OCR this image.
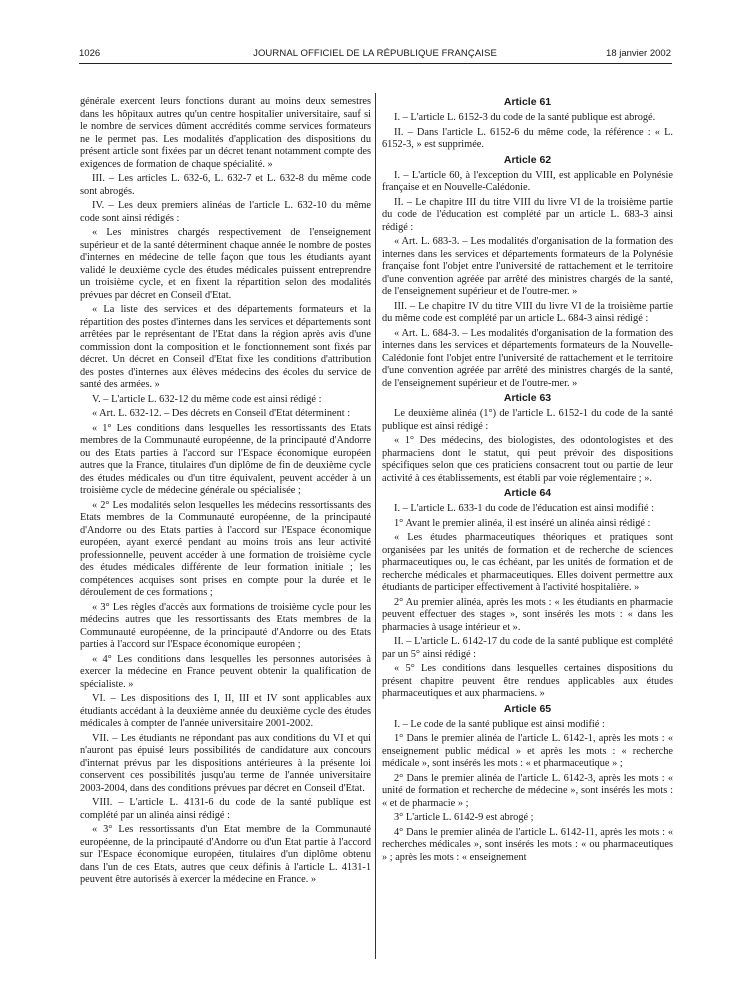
1026	JOURNAL OFFICIEL DE LA RÉPUBLIQUE FRANÇAISE	18 janvier 2002

générale exercent leurs fonctions durant au moins deux semestres dans les hôpitaux autres qu'un centre hospitalier universitaire, sauf si le nombre de services dûment accrédités comme services formateurs ne le permet pas. Les modalités d'application des dispositions du présent article sont fixées par un décret tenant notamment compte des exigences de formation de chaque spécialité. »

III. – Les articles L. 632-6, L. 632-7 et L. 632-8 du même code sont abrogés.

IV. – Les deux premiers alinéas de l'article L. 632-10 du même code sont ainsi rédigés :

« Les ministres chargés respectivement de l'enseignement supérieur et de la santé déterminent chaque année le nombre de postes d'internes en médecine de telle façon que tous les étudiants ayant validé le deuxième cycle des études médicales puissent entreprendre un troisième cycle, et en fixent la répartition selon des modalités prévues par décret en Conseil d'Etat.

« La liste des services et des départements formateurs et la répartition des postes d'internes dans les services et départements sont arrêtées par le représentant de l'Etat dans la région après avis d'une commission dont la composition et le fonctionnement sont fixés par décret. Un décret en Conseil d'Etat fixe les conditions d'attribution des postes d'internes aux élèves médecins des écoles du service de santé des armées. »

V. – L'article L. 632-12 du même code est ainsi rédigé :

« Art. L. 632-12. – Des décrets en Conseil d'Etat déterminent :

« 1° Les conditions dans lesquelles les ressortissants des Etats membres de la Communauté européenne, de la principauté d'Andorre ou des Etats parties à l'accord sur l'Espace économique européen autres que la France, titulaires d'un diplôme de fin de deuxième cycle des études médicales ou d'un titre équivalent, peuvent accéder à un troisième cycle de médecine générale ou spécialisée ;

« 2° Les modalités selon lesquelles les médecins ressortissants des Etats membres de la Communauté européenne, de la principauté d'Andorre ou des Etats parties à l'accord sur l'Espace économique européen, ayant exercé pendant au moins trois ans leur activité professionnelle, peuvent accéder à une formation de troisième cycle des études médicales différente de leur formation initiale ; les compétences acquises sont prises en compte pour la durée et le déroulement de ces formations ;

« 3° Les règles d'accès aux formations de troisième cycle pour les médecins autres que les ressortissants des Etats membres de la Communauté européenne, de la principauté d'Andorre ou des Etats parties à l'accord sur l'Espace économique européen ;

« 4° Les conditions dans lesquelles les personnes autorisées à exercer la médecine en France peuvent obtenir la qualification de spécialiste. »

VI. – Les dispositions des I, II, III et IV sont applicables aux étudiants accédant à la deuxième année du deuxième cycle des études médicales à compter de l'année universitaire 2001-2002.

VII. – Les étudiants ne répondant pas aux conditions du VI et qui n'auront pas épuisé leurs possibilités de candidature aux concours d'internat prévus par les dispositions antérieures à la présente loi conservent ces possibilités jusqu'au terme de l'année universitaire 2003-2004, dans des conditions prévues par décret en Conseil d'Etat.

VIII. – L'article L. 4131-6 du code de la santé publique est complété par un alinéa ainsi rédigé :

« 3° Les ressortissants d'un Etat membre de la Communauté européenne, de la principauté d'Andorre ou d'un Etat partie à l'accord sur l'Espace économique européen, titulaires d'un diplôme obtenu dans l'un de ces Etats, autres que ceux définis à l'article L. 4131-1 peuvent être autorisés à exercer la médecine en France. »

Article 61

I. – L'article L. 6152-3 du code de la santé publique est abrogé.

II. – Dans l'article L. 6152-6 du même code, la référence : « L. 6152-3, » est supprimée.

Article 62

I. – L'article 60, à l'exception du VIII, est applicable en Polynésie française et en Nouvelle-Calédonie.

II. – Le chapitre III du titre VIII du livre VI de la troisième partie du code de l'éducation est complété par un article L. 683-3 ainsi rédigé :

« Art. L. 683-3. – Les modalités d'organisation de la formation des internes dans les services et départements formateurs de la Polynésie française font l'objet entre l'université de rattachement et le territoire d'une convention agréée par arrêté des ministres chargés de la santé, de l'enseignement supérieur et de l'outre-mer. »

III. – Le chapitre IV du titre VIII du livre VI de la troisième partie du même code est complété par un article L. 684-3 ainsi rédigé :

« Art. L. 684-3. – Les modalités d'organisation de la formation des internes dans les services et départements formateurs de la Nouvelle-Calédonie font l'objet entre l'université de rattachement et le territoire d'une convention agréée par arrêté des ministres chargés de la santé, de l'enseignement supérieur et de l'outre-mer. »

Article 63

Le deuxième alinéa (1°) de l'article L. 6152-1 du code de la santé publique est ainsi rédigé :

« 1° Des médecins, des biologistes, des odontologistes et des pharmaciens dont le statut, qui peut prévoir des dispositions spécifiques selon que ces praticiens consacrent tout ou partie de leur activité à ces établissements, est établi par voie réglementaire ; ».

Article 64

I. – L'article L. 633-1 du code de l'éducation est ainsi modifié :

1° Avant le premier alinéa, il est inséré un alinéa ainsi rédigé :

« Les études pharmaceutiques théoriques et pratiques sont organisées par les unités de formation et de recherche de sciences pharmaceutiques ou, le cas échéant, par les unités de formation et de recherche médicales et pharmaceutiques. Elles doivent permettre aux étudiants de participer effectivement à l'activité hospitalière. »

2° Au premier alinéa, après les mots : « les étudiants en pharmacie peuvent effectuer des stages », sont insérés les mots : « dans les pharmacies à usage intérieur et ».

II. – L'article L. 6142-17 du code de la santé publique est complété par un 5° ainsi rédigé :

« 5° Les conditions dans lesquelles certaines dispositions du présent chapitre peuvent être rendues applicables aux études pharmaceutiques et aux pharmaciens. »

Article 65

I. – Le code de la santé publique est ainsi modifié :

1° Dans le premier alinéa de l'article L. 6142-1, après les mots : « enseignement public médical » et après les mots : « recherche médicale », sont insérés les mots : « et pharmaceutique » ;

2° Dans le premier alinéa de l'article L. 6142-3, après les mots : « unité de formation et recherche de médecine », sont insérés les mots : « et de pharmacie » ;

3° L'article L. 6142-9 est abrogé ;

4° Dans le premier alinéa de l'article L. 6142-11, après les mots : « recherches médicales », sont insérés les mots : « ou pharmaceutiques » ; après les mots : « enseignement
